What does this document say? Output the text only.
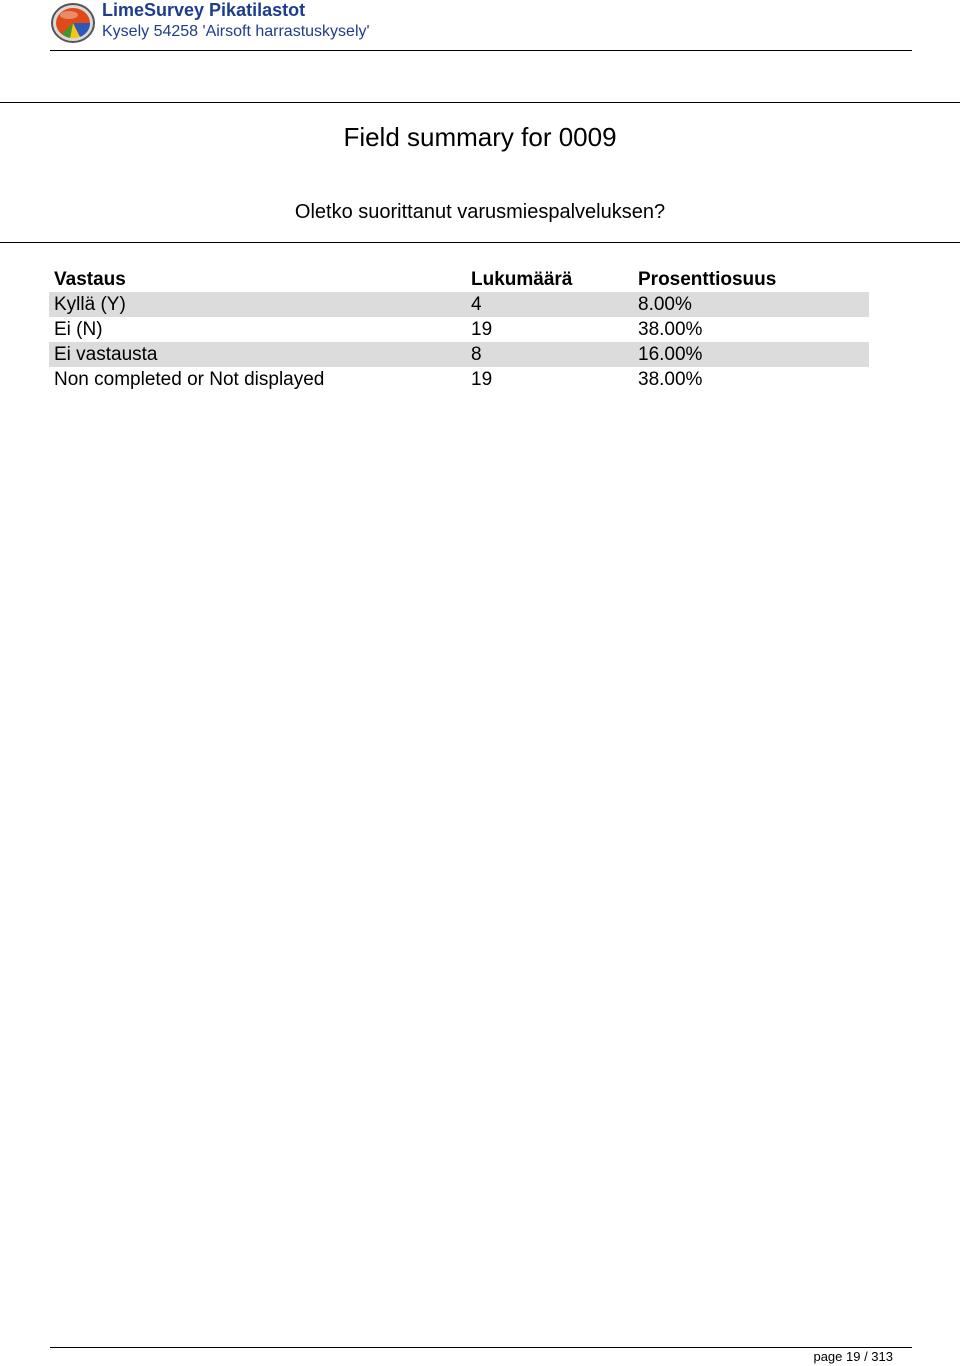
LimeSurvey Pikatilastot
Kysely 54258 'Airsoft harrastuskysely'
Field summary for 0009
Oletko suorittanut varusmiespalveluksen?
Vastaus	Lukumäärä	Prosenttiosuus
Kyllä (Y)	4	8.00%
Ei (N)	19	38.00%
Ei vastausta	8	16.00%
Non completed or Not displayed	19	38.00%
page 19 / 313
